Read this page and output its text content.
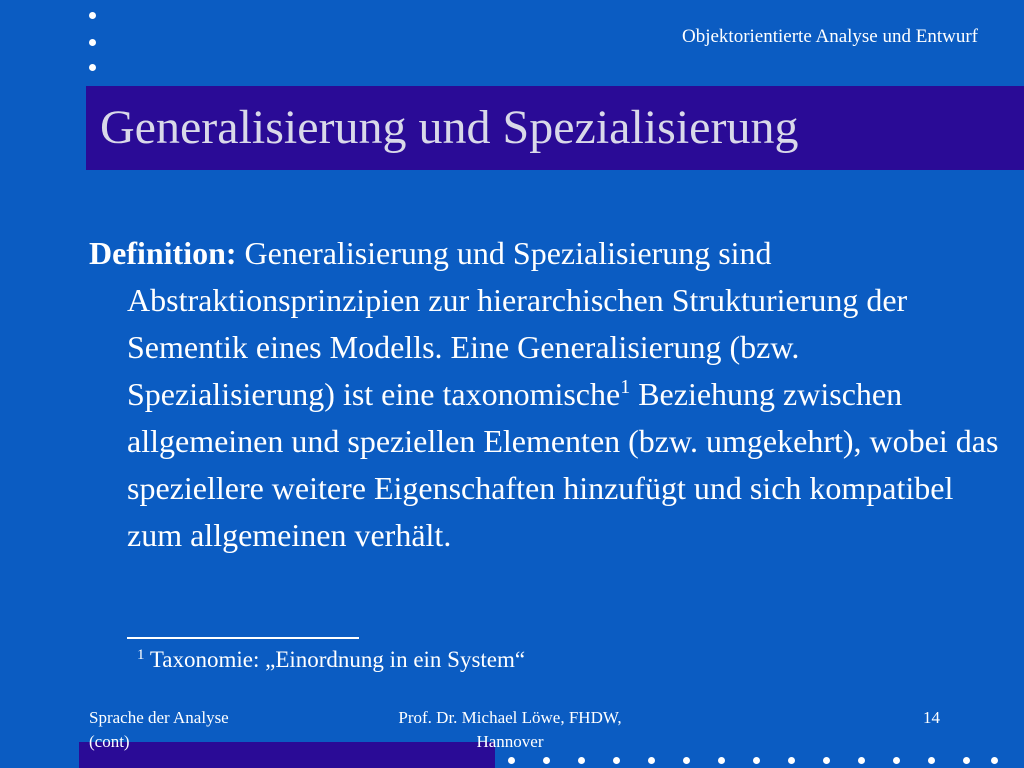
Objektorientierte Analyse und Entwurf
Generalisierung und Spezialisierung
Definition: Generalisierung und Spezialisierung sind Abstraktionsprinzipien zur hierarchischen Strukturierung der Sementik eines Modells. Eine Generalisierung (bzw. Spezialisierung) ist eine taxonomische$^1$ Beziehung zwischen allgemeinen und speziellen Elementen (bzw. umgekehrt), wobei das speziellere weitere Eigenschaften hinzufügt und sich kompatibel zum allgemeinen verhält.
$^1$ Taxonomie: „Einordnung in ein System“
Sprache der Analyse
(cont)
Prof. Dr. Michael Löwe, FHDW,
Hannover
14
